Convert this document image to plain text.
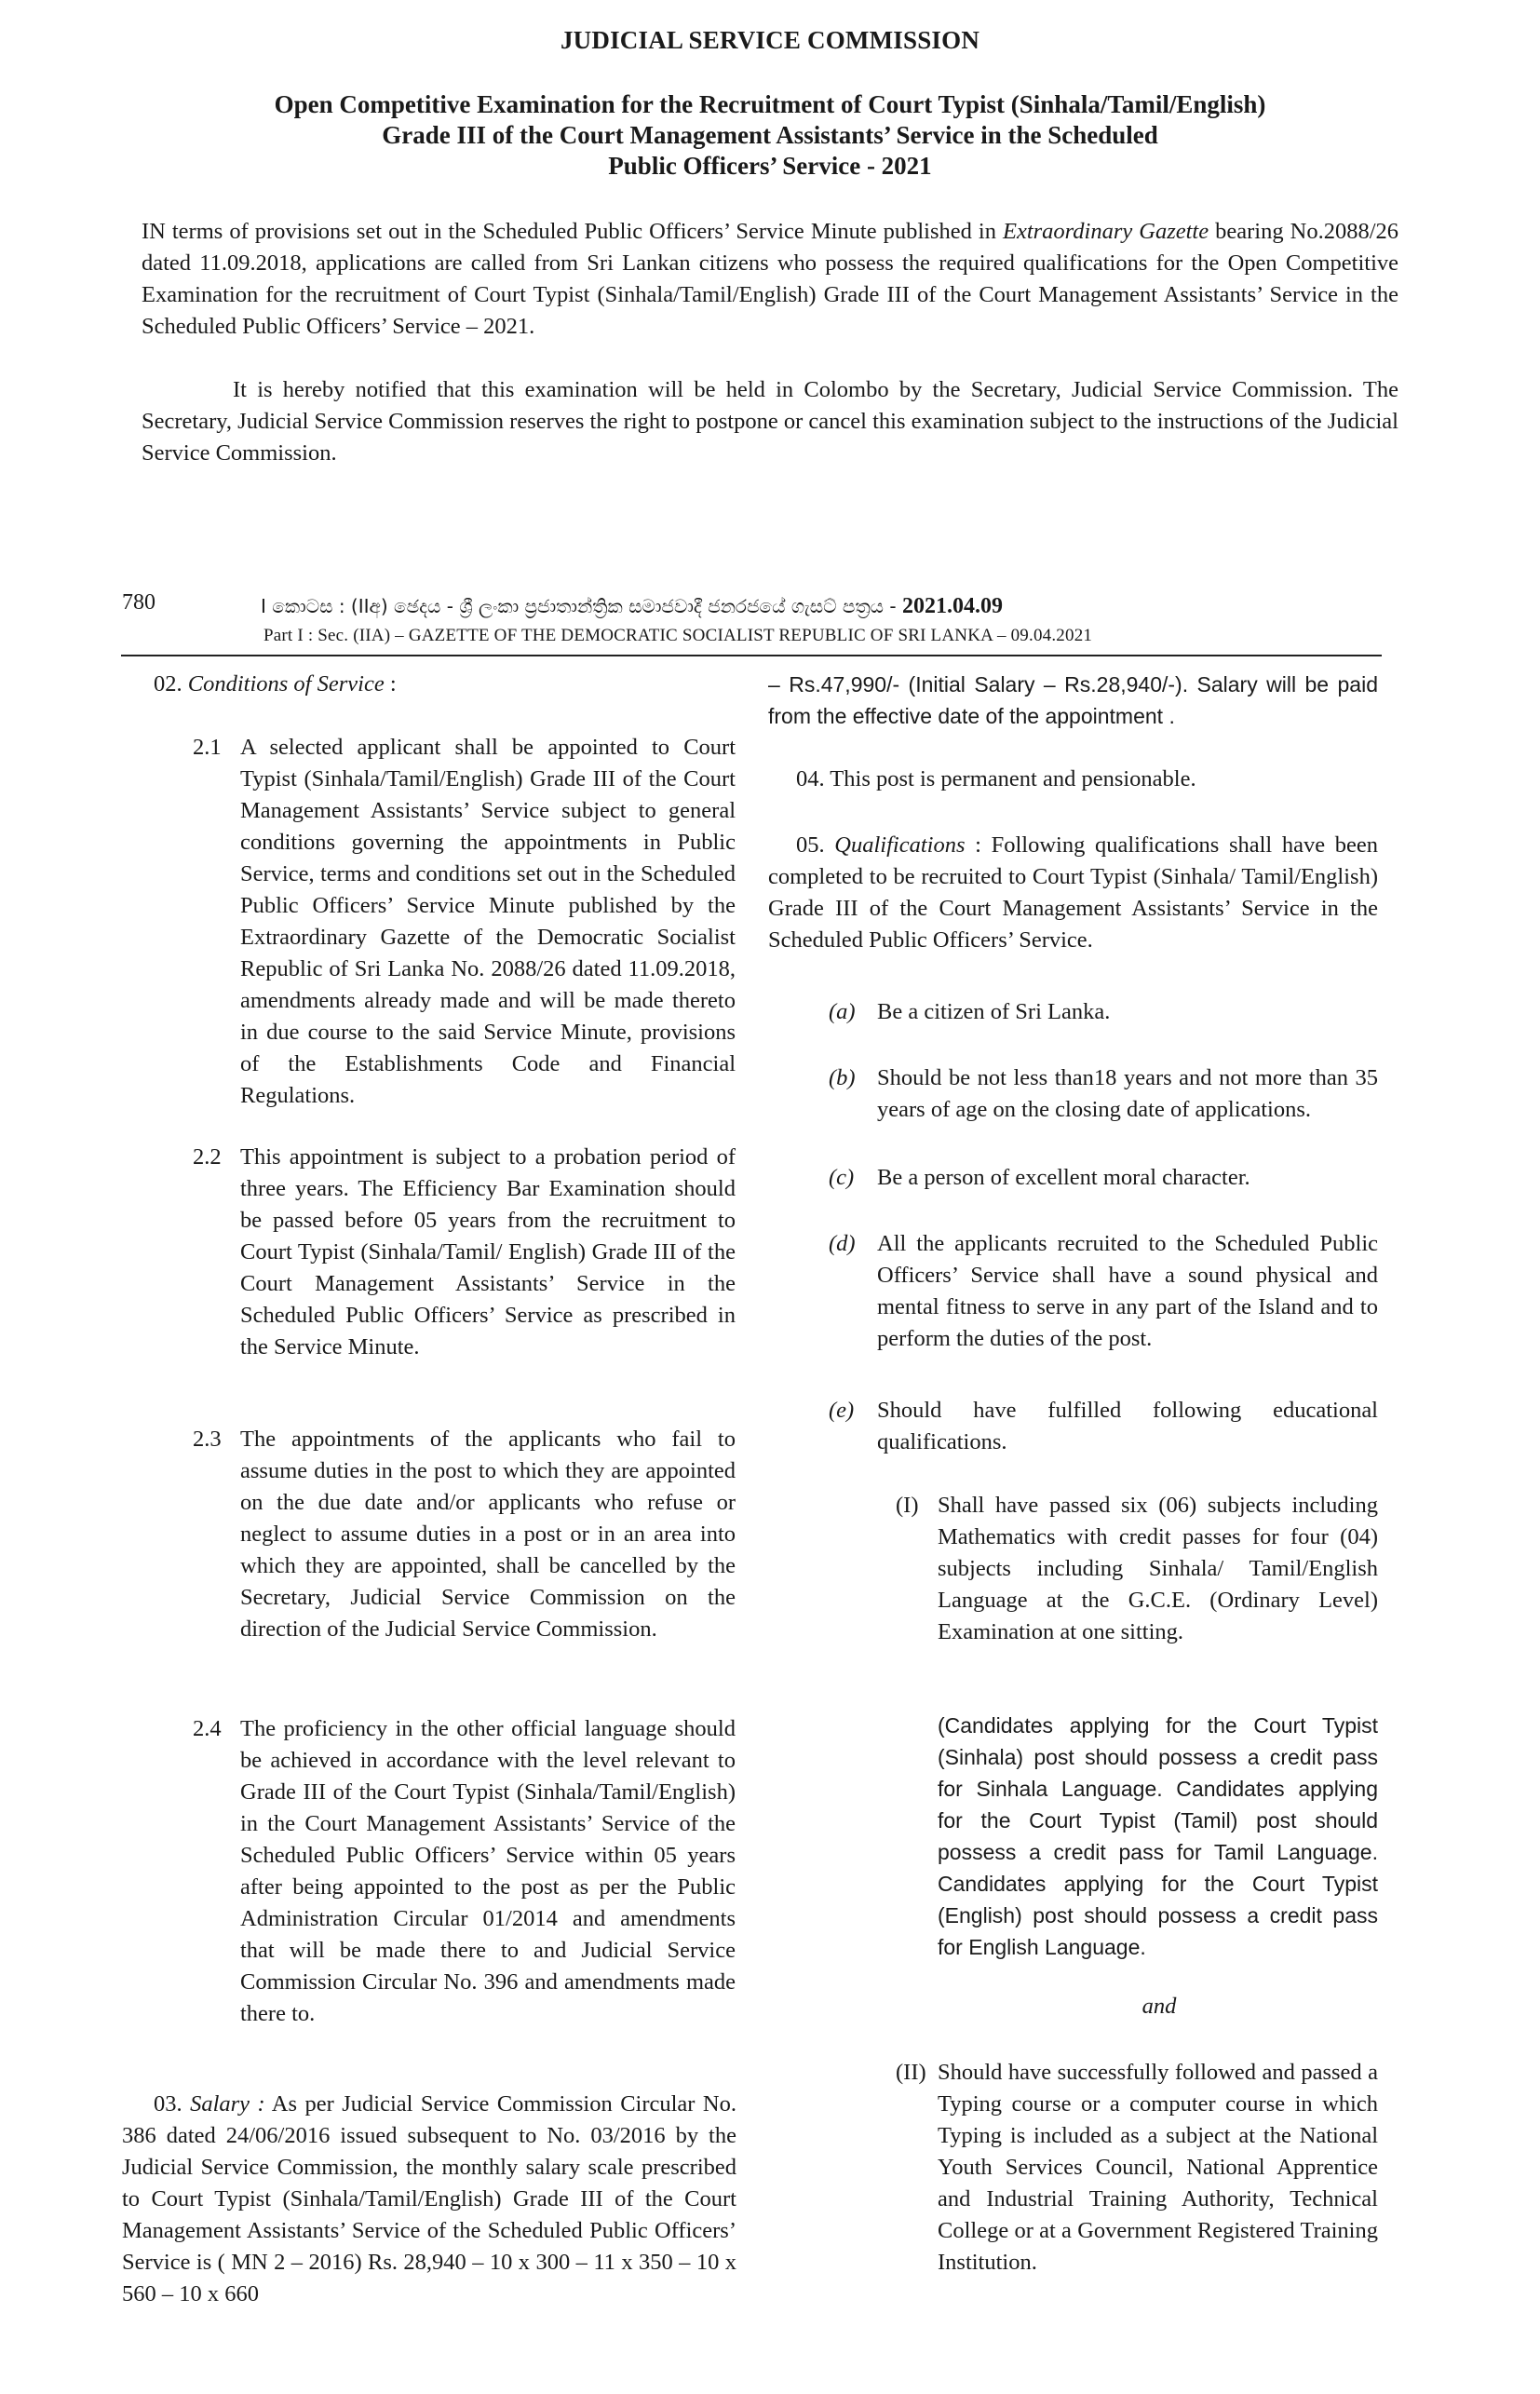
JUDICIAL SERVICE COMMISSION
Open Competitive Examination for the Recruitment of Court Typist (Sinhala/Tamil/English)
Grade III of the Court Management Assistants’ Service in the Scheduled
Public Officers’ Service - 2021
IN terms of provisions set out in the Scheduled Public Officers’ Service Minute published in Extraordinary Gazette bearing No.2088/26 dated 11.09.2018, applications are called from Sri Lankan citizens who possess the required qualifications for the Open Competitive Examination for the recruitment of Court Typist (Sinhala/Tamil/English) Grade III of the Court Management Assistants’ Service in the Scheduled Public Officers’ Service – 2021.
It is hereby notified that this examination will be held in Colombo by the Secretary, Judicial Service Commission. The Secretary, Judicial Service Commission reserves the right to postpone or cancel this examination subject to the instructions of the Judicial Service Commission.
780	I කොටස : (IIඅ) ඡෙදය - ශ්‍රී ලංකා ප්‍රජාතාන්ත්‍රික සමාජවාදී ජනරජයේ ගැසට් පත්‍රය - 2021.04.09
Part I : Sec. (IIA) – GAZETTE OF THE DEMOCRATIC SOCIALIST REPUBLIC OF SRI LANKA – 09.04.2021
02. Conditions of Service :
2.1 A selected applicant shall be appointed to Court Typist (Sinhala/Tamil/English) Grade III of the Court Management Assistants’ Service subject to general conditions governing the appointments in Public Service, terms and conditions set out in the Scheduled Public Officers’ Service Minute published by the Extraordinary Gazette of the Democratic Socialist Republic of Sri Lanka No. 2088/26 dated 11.09.2018, amendments already made and will be made thereto in due course to the said Service Minute, provisions of the Establishments Code and Financial Regulations.
2.2 This appointment is subject to a probation period of three years. The Efficiency Bar Examination should be passed before 05 years from the recruitment to Court Typist (Sinhala/Tamil/ English) Grade III of the Court Management Assistants’ Service in the Scheduled Public Officers’ Service as prescribed in the Service Minute.
2.3 The appointments of the applicants who fail to assume duties in the post to which they are appointed on the due date and/or applicants who refuse or neglect to assume duties in a post or in an area into which they are appointed, shall be cancelled by the Secretary, Judicial Service Commission on the direction of the Judicial Service Commission.
2.4 The proficiency in the other official language should be achieved in accordance with the level relevant to Grade III of the Court Typist (Sinhala/Tamil/English) in the Court Management Assistants’ Service of the Scheduled Public Officers’ Service within 05 years after being appointed to the post as per the Public Administration Circular 01/2014 and amendments that will be made there to and Judicial Service Commission Circular No. 396 and amendments made there to.
03. Salary : As per Judicial Service Commission Circular No. 386 dated 24/06/2016 issued subsequent to No. 03/2016 by the Judicial Service Commission, the monthly salary scale prescribed to Court Typist (Sinhala/Tamil/English) Grade III of the Court Management Assistants’ Service of the Scheduled Public Officers’ Service is ( MN 2 – 2016) Rs. 28,940 – 10 x 300 – 11 x 350 – 10 x 560 – 10 x 660
– Rs.47,990/- (Initial Salary – Rs.28,940/-). Salary will be paid from the effective date of the appointment .
04. This post is permanent and pensionable.
05. Qualifications : Following qualifications shall have been completed to be recruited to Court Typist (Sinhala/ Tamil/English) Grade III of the Court Management Assistants’ Service in the Scheduled Public Officers’ Service.
(a) Be a citizen of Sri Lanka.
(b) Should be not less than18 years and not more than 35 years of age on the closing date of applications.
(c) Be a person of excellent moral character.
(d) All the applicants recruited to the Scheduled Public Officers’ Service shall have a sound physical and mental fitness to serve in any part of the Island and to perform the duties of the post.
(e) Should have fulfilled following educational qualifications.
(I) Shall have passed six (06) subjects including Mathematics with credit passes for four (04) subjects including Sinhala/ Tamil/English Language at the G.C.E. (Ordinary Level) Examination at one sitting.
(Candidates applying for the Court Typist (Sinhala) post should possess a credit pass for Sinhala Language. Candidates applying for the Court Typist (Tamil) post should possess a credit pass for Tamil Language. Candidates applying for the Court Typist (English) post should possess a credit pass for English Language.
and
(II) Should have successfully followed and passed a Typing course or a computer course in which Typing is included as a subject at the National Youth Services Council, National Apprentice and Industrial Training Authority, Technical College or at a Government Registered Training Institution.
